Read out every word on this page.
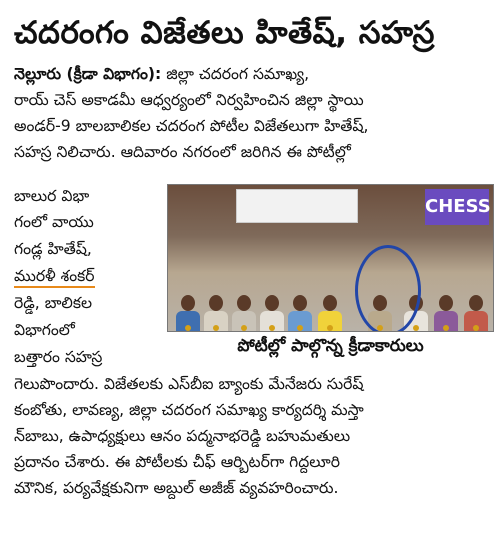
చదరంగం విజేతలు హితేష్, సహస్ర
నెల్లూరు (క్రీడా విభాగం): జిల్లా చదరంగ సమాఖ్య,
రాయ్ చెస్ అకాడమీ ఆధ్వర్యంలో నిర్వహించిన జిల్లా స్థాయి
అండర్-9 బాలబాలికల చదరంగ పోటీల విజేతలుగా హితేష్,
సహస్ర నిలిచారు. ఆదివారం నగరంలో జరిగిన ఈ పోటీల్లో
బాలుర విభా
గంలో వాయు
గండ్ల హితేష్,
మురళీ శంకర్
రెడ్డి, బాలికల
విభాగంలో
బత్తారం సహస్ర
గెలుపొందారు. విజేతలకు ఎస్‌బీఐ బ్యాంకు మేనేజరు సురేష్
కంబోతు, లావణ్య, జిల్లా చదరంగ సమాఖ్య కార్యదర్శి మస్తా
న్‌బాబు, ఉపాధ్యక్షులు ఆనం పద్మనాభరెడ్డి బహుమతులు
ప్రదానం చేశారు. ఈ పోటీలకు చీఫ్ ఆర్బిటర్‌గా గిద్దలూరి
మౌనిక, పర్యవేక్షకునిగా అబ్దుల్ అజీజ్ వ్యవహరించారు.
CHESS
పోటీల్లో పాల్గొన్న క్రీడాకారులు
